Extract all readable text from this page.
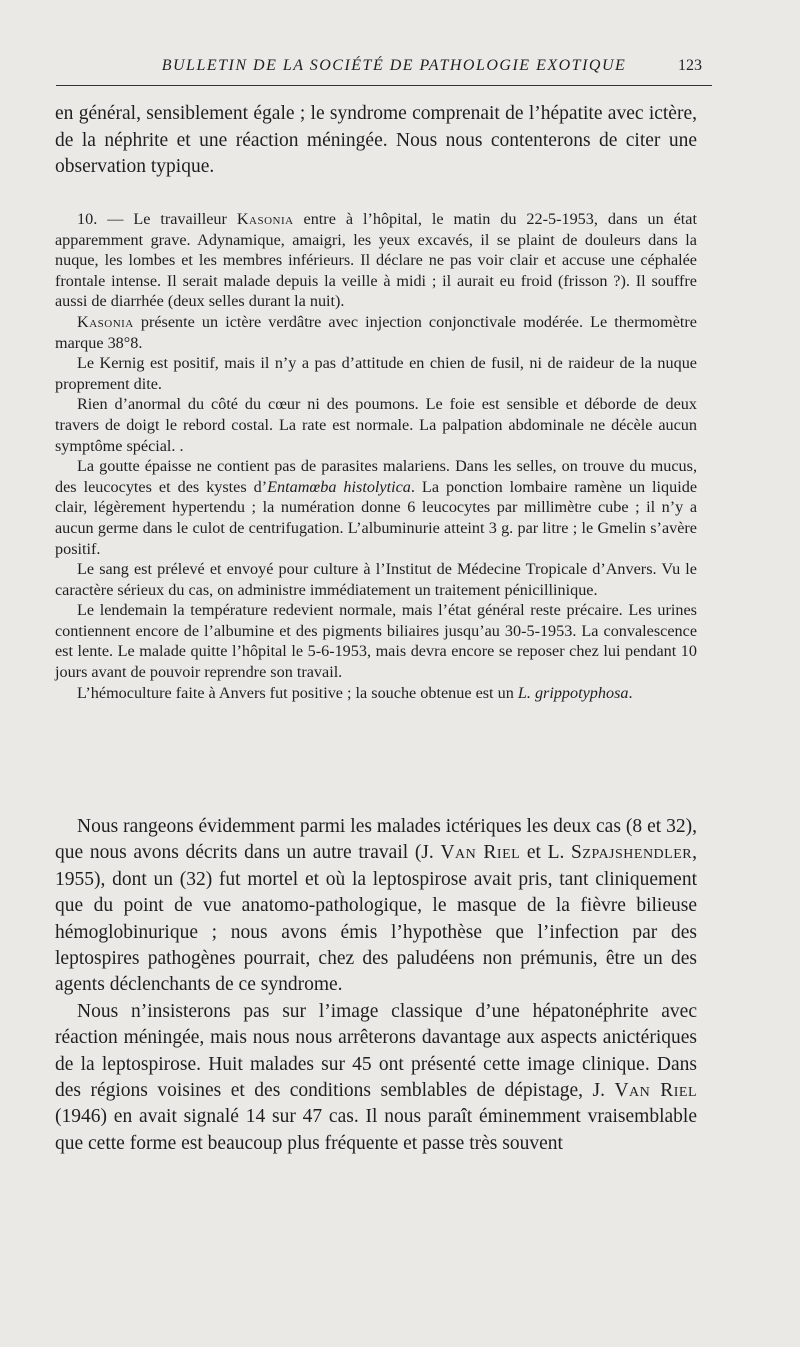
BULLETIN DE LA SOCIÉTÉ DE PATHOLOGIE EXOTIQUE	123
en général, sensiblement égale ; le syndrome comprenait de l’hépatite avec ictère, de la néphrite et une réaction méningée. Nous nous contenterons de citer une observation typique.

10. — Le travailleur Kasonia entre à l’hôpital, le matin du 22-5-1953, dans un état apparemment grave. Adynamique, amaigri, les yeux excavés, il se plaint de douleurs dans la nuque, les lombes et les membres inférieurs. Il déclare ne pas voir clair et accuse une céphalée frontale intense. Il serait malade depuis la veille à midi ; il aurait eu froid (frisson ?). Il souffre aussi de diarrhée (deux selles durant la nuit).

Kasonia présente un ictère verdâtre avec injection conjonctivale modérée. Le thermomètre marque 38°8.

Le Kernig est positif, mais il n’y a pas d’attitude en chien de fusil, ni de raideur de la nuque proprement dite.

Rien d’anormal du côté du cœur ni des poumons. Le foie est sensible et déborde de deux travers de doigt le rebord costal. La rate est normale. La palpation abdominale ne décèle aucun symptôme spécial. .

La goutte épaisse ne contient pas de parasites malariens. Dans les selles, on trouve du mucus, des leucocytes et des kystes d’Entamœba histolytica. La ponction lombaire ramène un liquide clair, légèrement hypertendu ; la numération donne 6 leucocytes par millimètre cube ; il n’y a aucun germe dans le culot de centrifugation. L’albuminurie atteint 3 g. par litre ; le Gmelin s’avère positif.

Le sang est prélevé et envoyé pour culture à l’Institut de Médecine Tropicale d’Anvers. Vu le caractère sérieux du cas, on administre immédiatement un traitement pénicillinique.

Le lendemain la température redevient normale, mais l’état général reste précaire. Les urines contiennent encore de l’albumine et des pigments biliaires jusqu’au 30-5-1953. La convalescence est lente. Le malade quitte l’hôpital le 5-6-1953, mais devra encore se reposer chez lui pendant 10 jours avant de pouvoir reprendre son travail.

L’hémoculture faite à Anvers fut positive ; la souche obtenue est un L. grippotyphosa.

Nous rangeons évidemment parmi les malades ictériques les deux cas (8 et 32), que nous avons décrits dans un autre travail (J. Van Riel et L. Szpajshendler, 1955), dont un (32) fut mortel et où la leptospirose avait pris, tant cliniquement que du point de vue anatomo-pathologique, le masque de la fièvre bilieuse hémoglobinurique ; nous avons émis l’hypothèse que l’infection par des leptospires pathogènes pourrait, chez des paludéens non prémunis, être un des agents déclenchants de ce syndrome.

Nous n’insisterons pas sur l’image classique d’une hépatonéphrite avec réaction méningée, mais nous nous arrêterons davantage aux aspects anictériques de la leptospirose. Huit malades sur 45 ont présenté cette image clinique. Dans des régions voisines et des conditions semblables de dépistage, J. Van Riel (1946) en avait signalé 14 sur 47 cas. Il nous paraît éminemment vraisemblable que cette forme est beaucoup plus fréquente et passe très souvent
